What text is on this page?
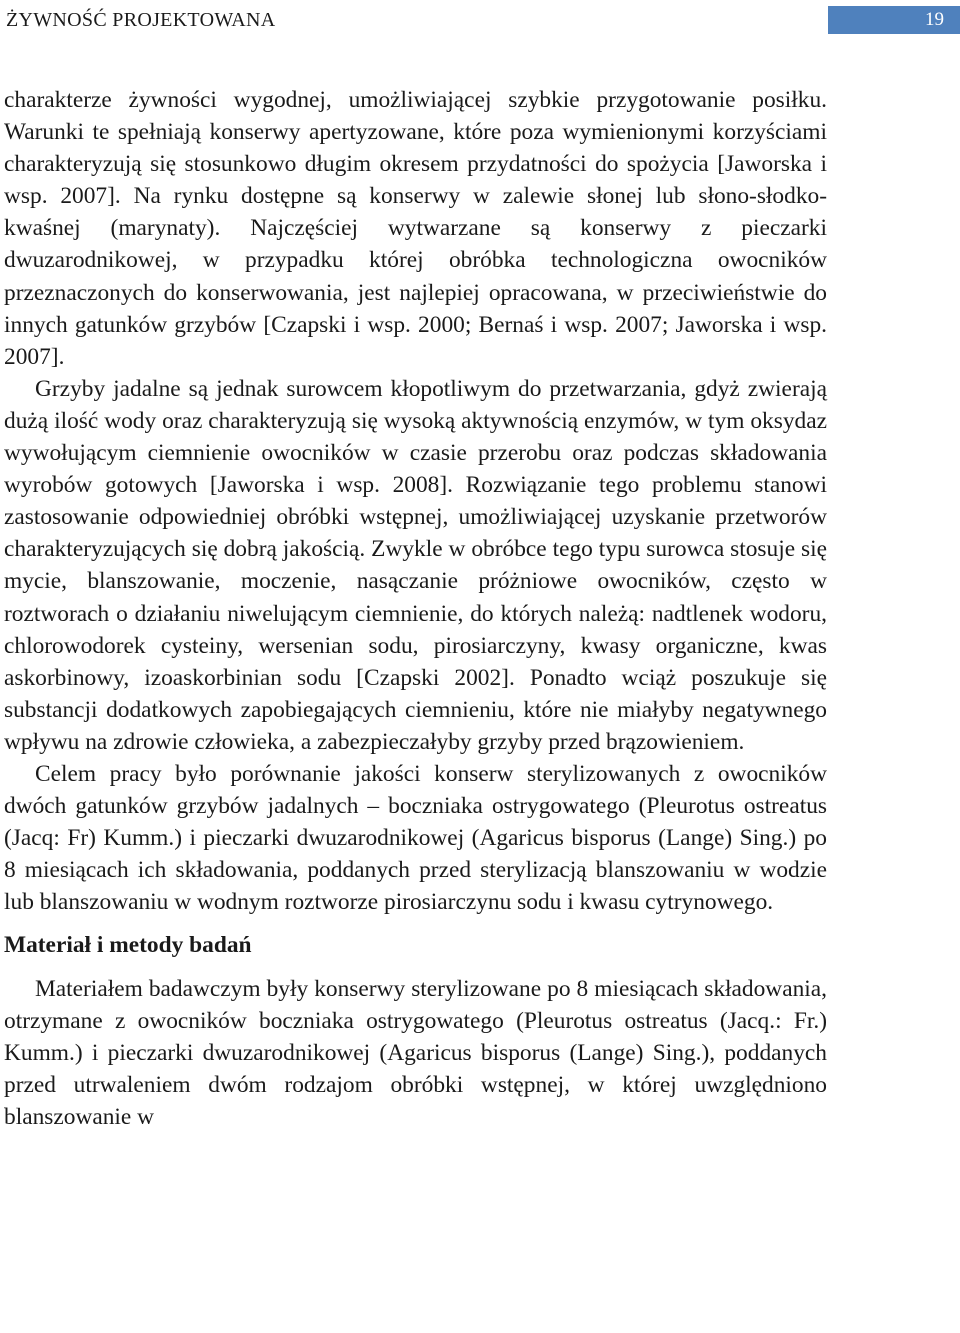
ŻYWNOŚĆ PROJEKTOWANA	19

charakterze żywności wygodnej, umożliwiającej szybkie przygotowanie posiłku. Warunki te spełniają konserwy apertyzowane, które poza wymienionymi korzyściami charakteryzują się stosunkowo długim okresem przydatności do spożycia [Jaworska i wsp. 2007]. Na rynku dostępne są konserwy w zalewie słonej lub słono-słodko-kwaśnej (marynaty). Najczęściej wytwarzane są konserwy z pieczarki dwuzarodnikowej, w przypadku której obróbka technologiczna owocników przeznaczonych do konserwowania, jest najlepiej opracowana, w przeciwieństwie do innych gatunków grzybów [Czapski i wsp. 2000; Bernaś i wsp. 2007; Jaworska i wsp. 2007].

Grzyby jadalne są jednak surowcem kłopotliwym do przetwarzania, gdyż zwierają dużą ilość wody oraz charakteryzują się wysoką aktywnością enzymów, w tym oksydaz wywołującym ciemnienie owocników w czasie przerobu oraz podczas składowania wyrobów gotowych [Jaworska i wsp. 2008]. Rozwiązanie tego problemu stanowi zastosowanie odpowiedniej obróbki wstępnej, umożliwiającej uzyskanie przetworów charakteryzujących się dobrą jakością. Zwykle w obróbce tego typu surowca stosuje się mycie, blanszowanie, moczenie, nasączanie próżniowe owocników, często w roztworach o działaniu niwelującym ciemnienie, do których należą: nadtlenek wodoru, chlorowodorek cysteiny, wersenian sodu, pirosiarczyny, kwasy organiczne, kwas askorbinowy, izoaskorbinian sodu [Czapski 2002]. Ponadto wciąż poszukuje się substancji dodatkowych zapobiegających ciemnieniu, które nie miałyby negatywnego wpływu na zdrowie człowieka, a zabezpieczałyby grzyby przed brązowieniem.

Celem pracy było porównanie jakości konserw sterylizowanych z owocników dwóch gatunków grzybów jadalnych – boczniaka ostrygowatego (Pleurotus ostreatus (Jacq: Fr) Kumm.) i pieczarki dwuzarodnikowej (Agaricus bisporus (Lange) Sing.) po 8 miesiącach ich składowania, poddanych przed sterylizacją blanszowaniu w wodzie lub blanszowaniu w wodnym roztworze pirosiarczynu sodu i kwasu cytrynowego.

Materiał i metody badań

Materiałem badawczym były konserwy sterylizowane po 8 miesiącach składowania, otrzymane z owocników boczniaka ostrygowatego (Pleurotus ostreatus (Jacq.: Fr.) Kumm.) i pieczarki dwuzarodnikowej (Agaricus bisporus (Lange) Sing.), poddanych przed utrwaleniem dwóm rodzajom obróbki wstępnej, w której uwzględniono blanszowanie w
